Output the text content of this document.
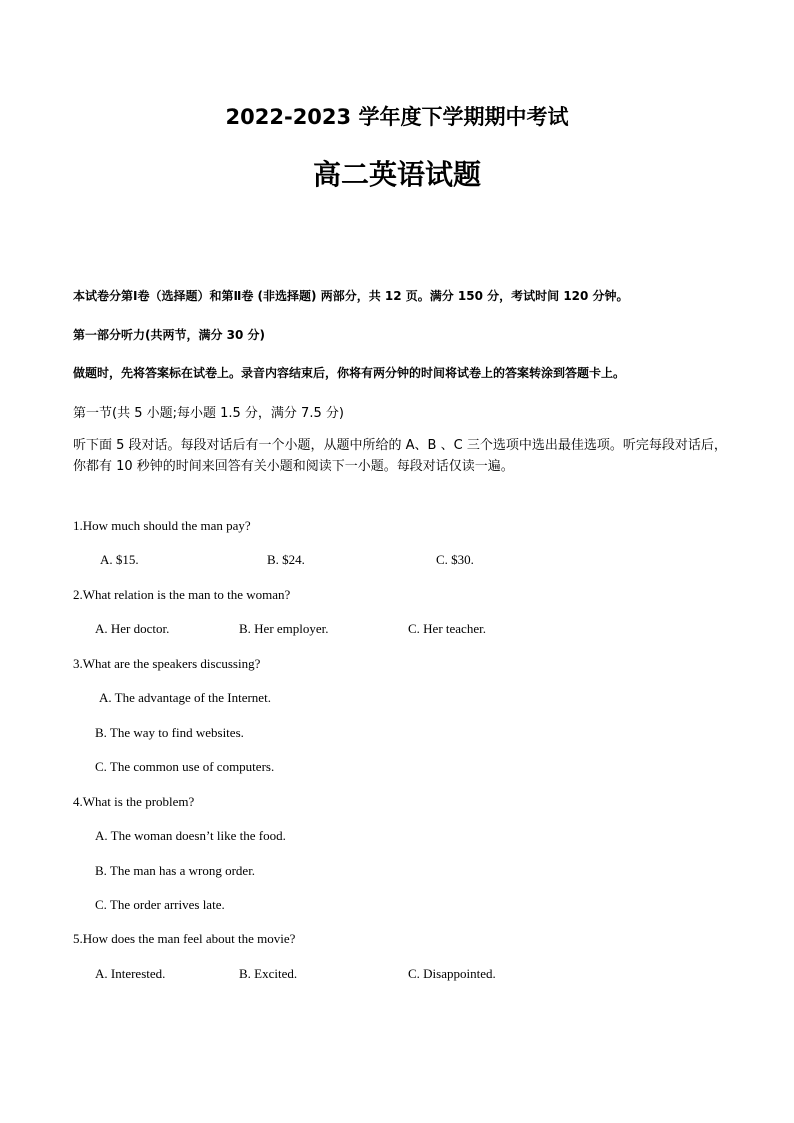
2022-2023 学年度下学期期中考试
高二英语试题
本试卷分第Ⅰ卷（选择题）和第Ⅱ卷 (非选择题) 两部分，共 12 页。满分 150 分，考试时间 120 分钟。
第一部分听力(共两节，满分 30 分)
做题时，先将答案标在试卷上。录音内容结束后，你将有两分钟的时间将试卷上的答案转涂到答题卡上。
第一节(共 5 小题;每小题 1.5 分，满分 7.5 分)
听下面 5 段对话。每段对话后有一个小题，从题中所给的 A、B 、C 三个选项中选出最佳选项。听完每段对话后，你都有 10 秒钟的时间来回答有关小题和阅读下一小题。每段对话仅读一遍。
1.How much should the man pay?
A. $15.	B. $24.	C. $30.
2.What relation is the man to the woman?
A. Her doctor.	B. Her employer.	C. Her teacher.
3.What are the speakers discussing?
A. The advantage of the Internet.
B. The way to find websites.
C. The common use of computers.
4.What is the problem?
A. The woman doesn’t like the food.
B. The man has a wrong order.
C. The order arrives late.
5.How does the man feel about the movie?
A. Interested.	B. Excited.	C. Disappointed.
